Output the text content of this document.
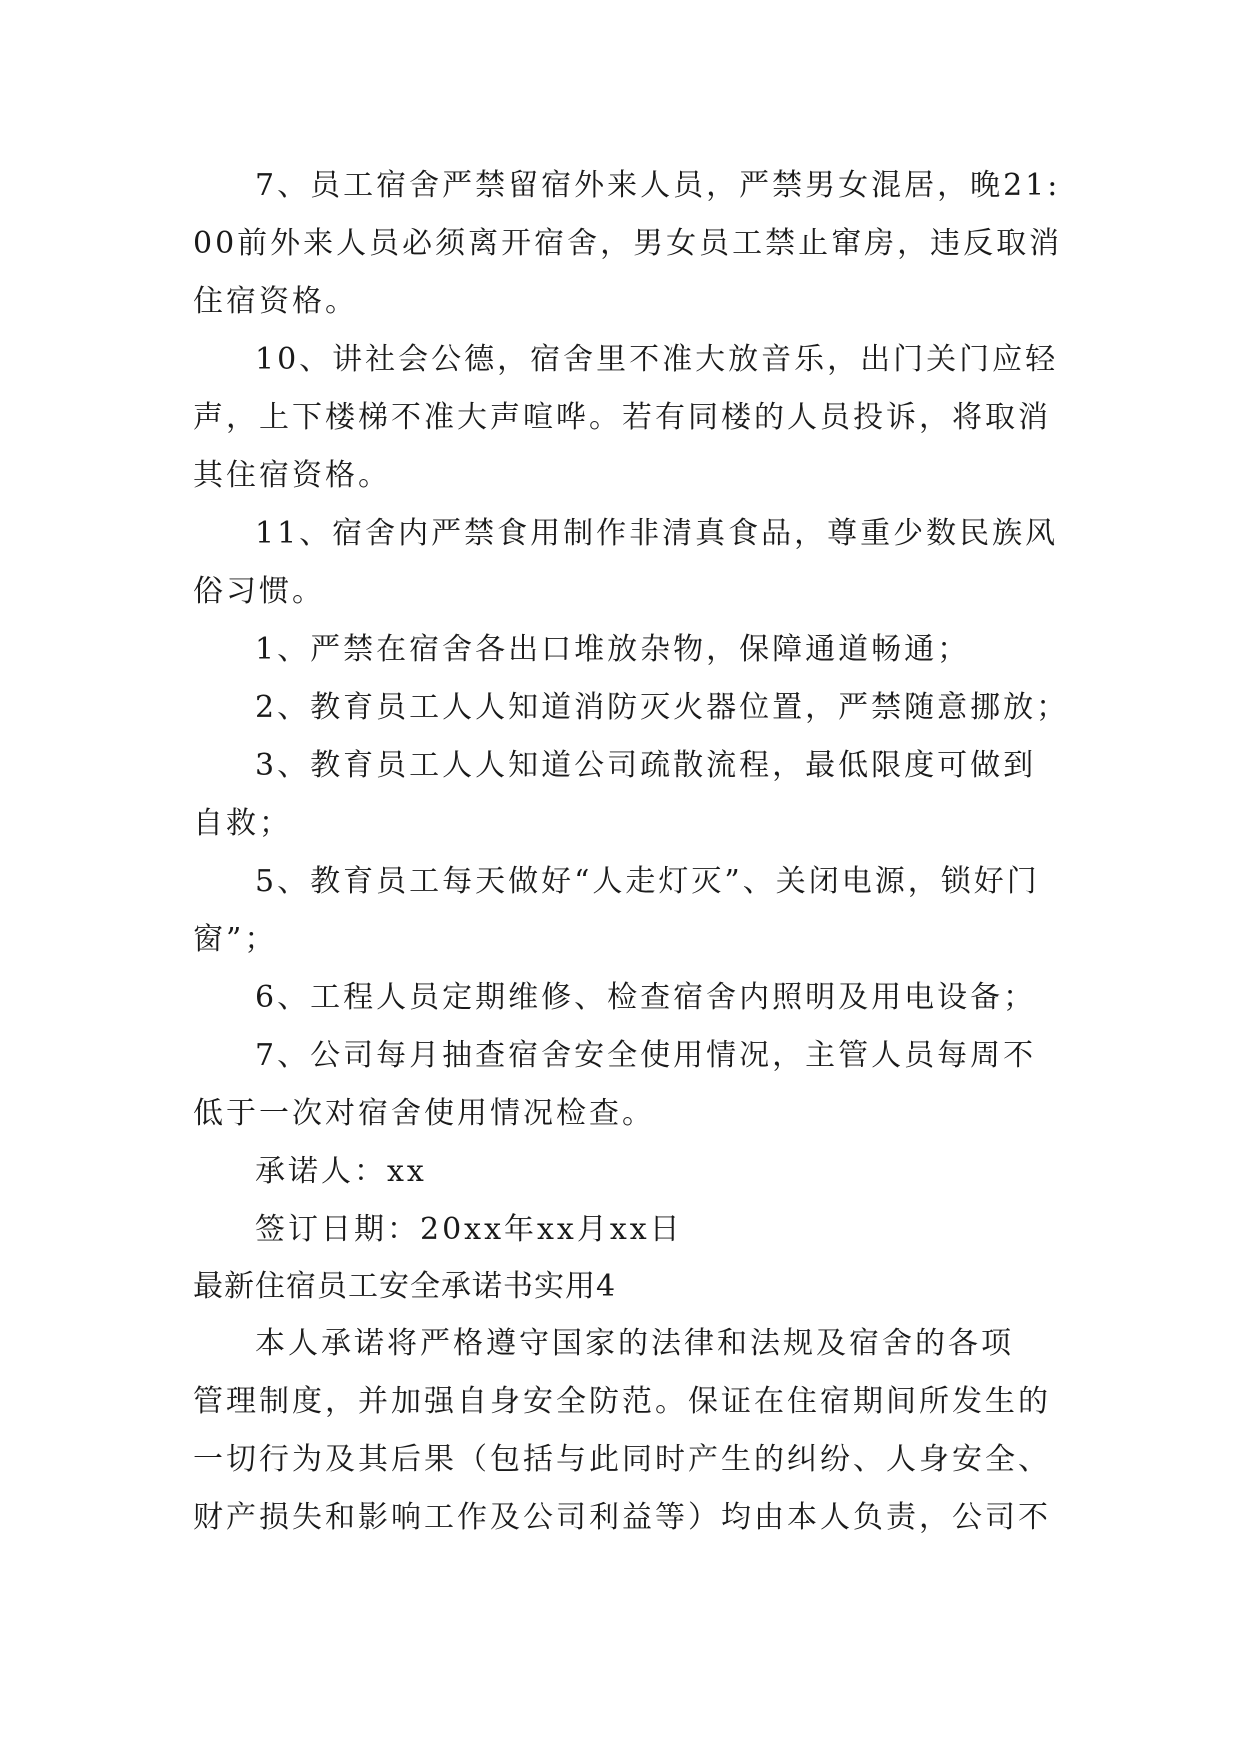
7、员工宿舍严禁留宿外来人员，严禁男女混居，晚21:
00前外来人员必须离开宿舍，男女员工禁止窜房，违反取消
住宿资格。
10、讲社会公德，宿舍里不准大放音乐，出门关门应轻
声，上下楼梯不准大声喧哗。若有同楼的人员投诉，将取消
其住宿资格。
11、宿舍内严禁食用制作非清真食品，尊重少数民族风
俗习惯。
1、严禁在宿舍各出口堆放杂物，保障通道畅通；
2、教育员工人人知道消防灭火器位置，严禁随意挪放；
3、教育员工人人知道公司疏散流程，最低限度可做到
自救；
5、教育员工每天做好“人走灯灭”、关闭电源，锁好门
窗”；
6、工程人员定期维修、检查宿舍内照明及用电设备；
7、公司每月抽查宿舍安全使用情况，主管人员每周不
低于一次对宿舍使用情况检查。
承诺人：xx
签订日期：20xx年xx月xx日
最新住宿员工安全承诺书实用4
本人承诺将严格遵守国家的法律和法规及宿舍的各项
管理制度，并加强自身安全防范。保证在住宿期间所发生的
一切行为及其后果（包括与此同时产生的纠纷、人身安全、
财产损失和影响工作及公司利益等）均由本人负责，公司不
